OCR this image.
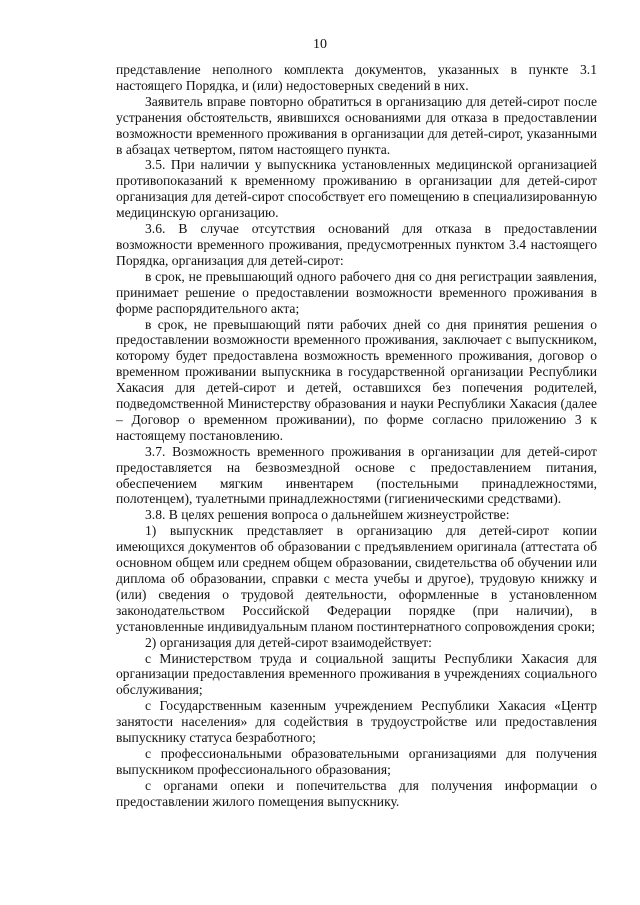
10

представление неполного комплекта документов, указанных в пункте 3.1 настоящего Порядка, и (или) недостоверных сведений в них.

Заявитель вправе повторно обратиться в организацию для детей-сирот после устранения обстоятельств, явившихся основаниями для отказа в предоставлении возможности временного проживания в организации для детей-сирот, указанными в абзацах четвертом, пятом настоящего пункта.

3.5. При наличии у выпускника установленных медицинской организацией противопоказаний к временному проживанию в организации для детей-сирот организация для детей-сирот способствует его помещению в специализированную медицинскую организацию.

3.6. В случае отсутствия оснований для отказа в предоставлении возможности временного проживания, предусмотренных пунктом 3.4 настоящего Порядка, организация для детей-сирот:

в срок, не превышающий одного рабочего дня со дня регистрации заявления, принимает решение о предоставлении возможности временного проживания в форме распорядительного акта;

в срок, не превышающий пяти рабочих дней со дня принятия решения о предоставлении возможности временного проживания, заключает с выпускником, которому будет предоставлена возможность временного проживания, договор о временном проживании выпускника в государственной организации Республики Хакасия для детей-сирот и детей, оставшихся без попечения родителей, подведомственной Министерству образования и науки Республики Хакасия (далее – Договор о временном проживании), по форме согласно приложению 3 к настоящему постановлению.

3.7. Возможность временного проживания в организации для детей-сирот предоставляется на безвозмездной основе с предоставлением питания, обеспечением мягким инвентарем (постельными принадлежностями, полотенцем), туалетными принадлежностями (гигиеническими средствами).

3.8. В целях решения вопроса о дальнейшем жизнеустройстве:

1) выпускник представляет в организацию для детей-сирот копии имеющихся документов об образовании с предъявлением оригинала (аттестата об основном общем или среднем общем образовании, свидетельства об обучении или диплома об образовании, справки с места учебы и другое), трудовую книжку и (или) сведения о трудовой деятельности, оформленные в установленном законодательством Российской Федерации порядке (при наличии), в установленные индивидуальным планом постинтернатного сопровождения сроки;

2) организация для детей-сирот взаимодействует:

с Министерством труда и социальной защиты Республики Хакасия для организации предоставления временного проживания в учреждениях социального обслуживания;

с Государственным казенным учреждением Республики Хакасия «Центр занятости населения» для содействия в трудоустройстве или предоставления выпускнику статуса безработного;

с профессиональными образовательными организациями для получения выпускником профессионального образования;

с органами опеки и попечительства для получения информации о предоставлении жилого помещения выпускнику.
